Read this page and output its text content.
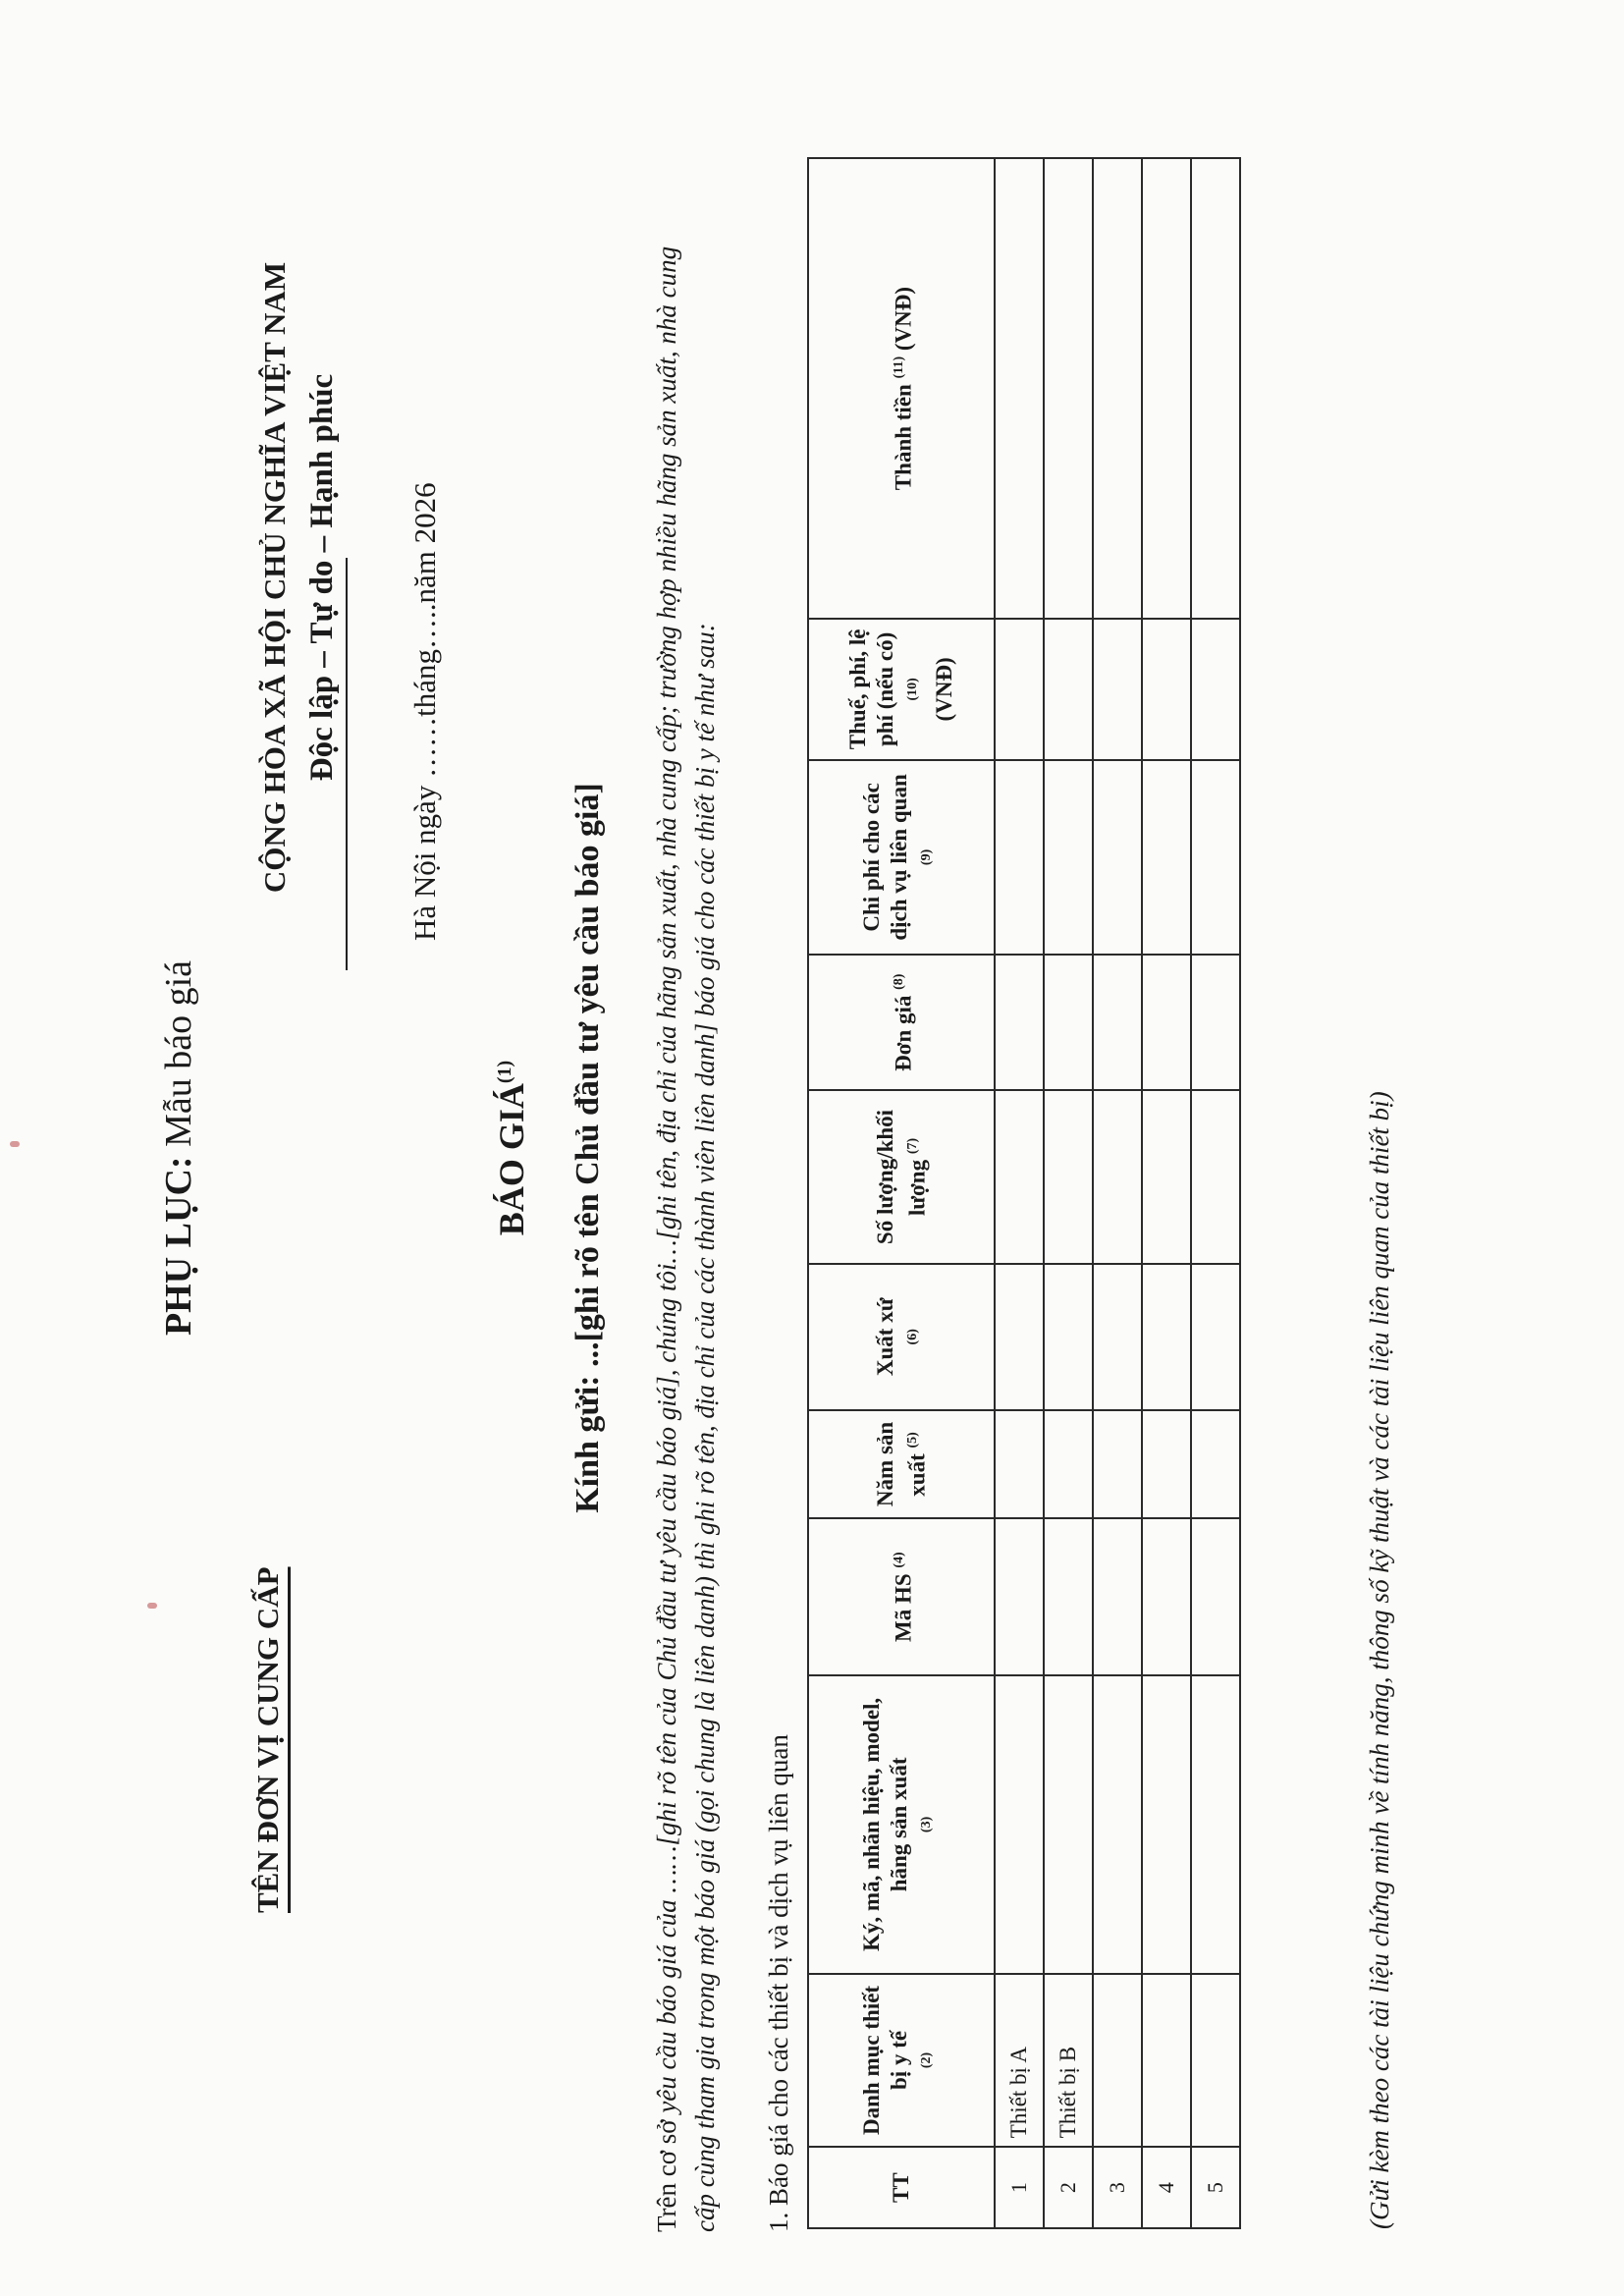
PHỤ LỤC: Mẫu báo giá
TÊN ĐƠN VỊ CUNG CẤP
CỘNG HÒA XÃ HỘI CHỦ NGHĨA VIỆT NAM Độc lập – Tự do – Hạnh phúc Hà Nội ngày ……tháng…..năm 2026
BÁO GIÁ$^{(1)}$	Kính gửi: ...[ghi rõ tên Chủ đầu tư yêu cầu báo giá]
Trên cơ sở yêu cầu báo giá của ……[ghi rõ tên của Chủ đầu tư yêu cầu báo giá], chúng tôi…[ghi tên, địa chỉ của hãng sản xuất, nhà cung cấp; trường hợp nhiều hãng sản xuất, nhà cung cấp cùng tham gia trong một báo giá (gọi chung là liên danh) thì ghi rõ tên, địa chỉ của các thành viên liên danh] báo giá cho các thiết bị y tế như sau: 1. Báo giá cho các thiết bị và dịch vụ liên quan	TT	Danh mục thiết bị y tế $^{(2)}$	Ký, mã, nhãn hiệu, model, hãng sản xuất $^{(3)}$	Mã HS $^{(4)}$	Năm sản xuất $^{(5)}$	Xuất xứ $^{(6)}$	Số lượng/khối lượng $^{(7)}$	Đơn giá $^{(8)}$	Chi phí cho các dịch vụ liên quan $^{(9)}$	Thuế, phí, lệ phí (nếu có) $^{(10)}$ (VNĐ)	Thành tiền $^{(11)}$ (VNĐ)
1	Thiết bị A									
2	Thiết bị B									
3										
4										
5											(Gửi kèm theo các tài liệu chứng minh về tính năng, thông số kỹ thuật và các tài liệu liên quan của thiết bị)
